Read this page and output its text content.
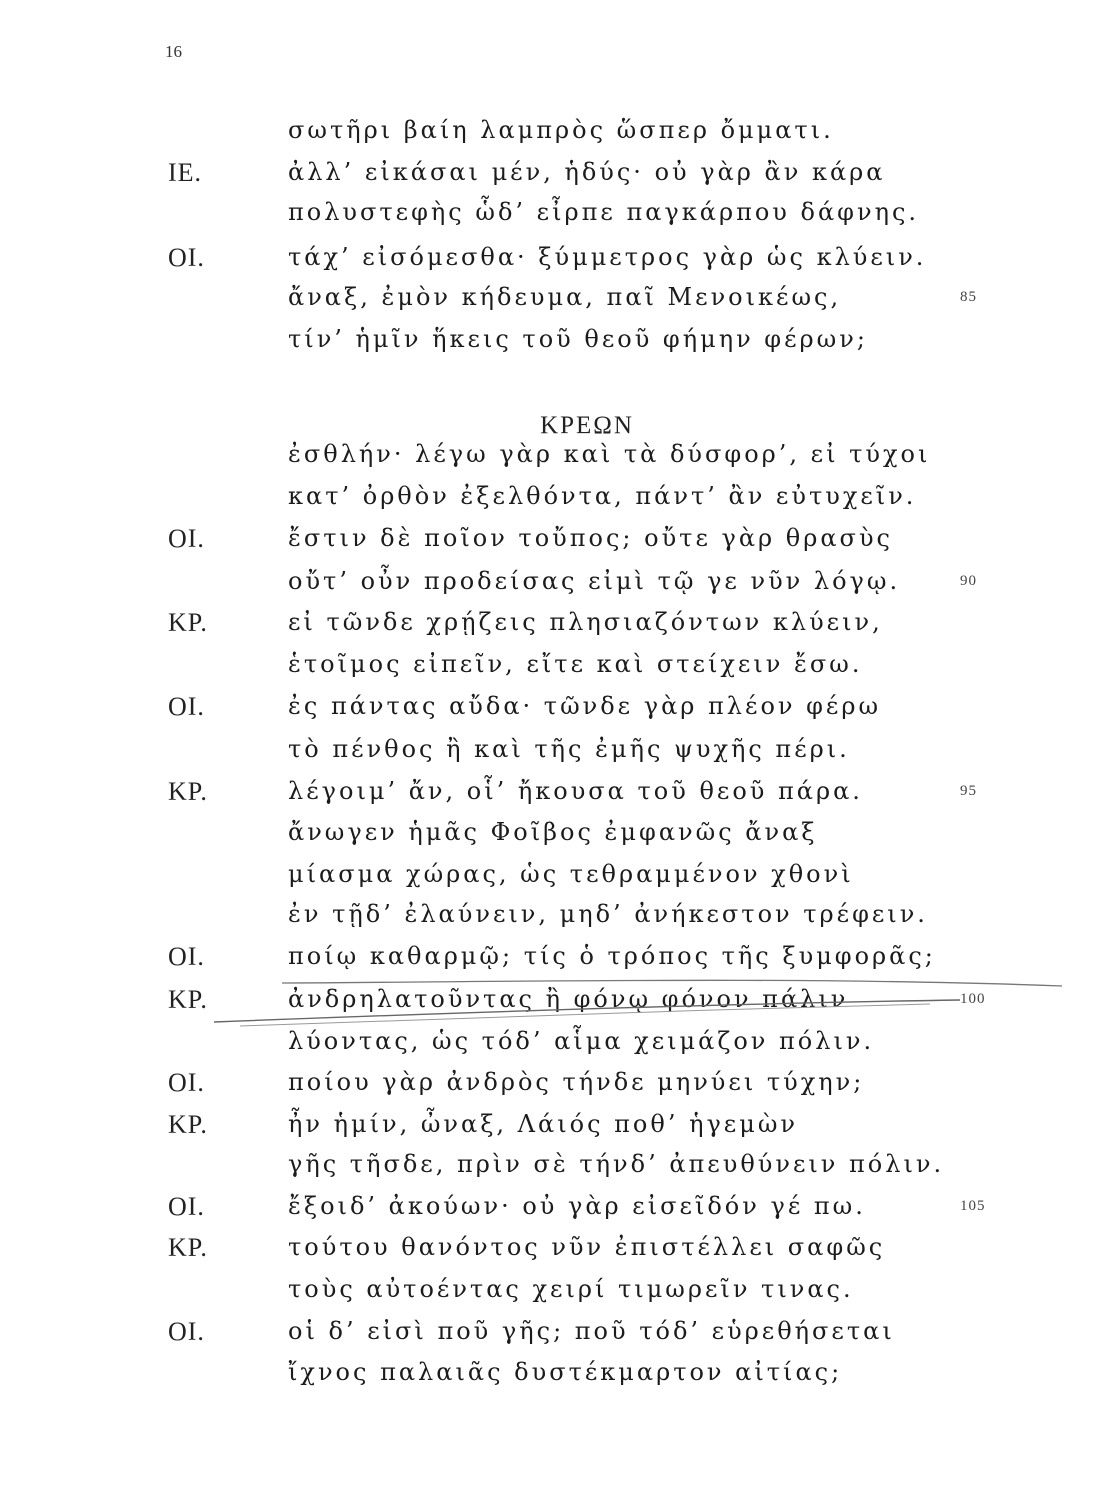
16
ΚΡΕΩΝ
σωτῆρι βαίη λαμπρὸς ὥσπερ ὄμματι.
ΙΕ.	ἀλλ’ εἰκάσαι μέν, ἡδύς· οὐ γὰρ ἂν κάρα
πολυστεφὴς ὧδ’ εἶρπε παγκάρπου δάφνης.
ΟΙ.	τάχ’ εἰσόμεσθα· ξύμμετρος γὰρ ὡς κλύειν.
ἄναξ, ἐμὸν κήδευμα, παῖ Μενοικέως,	85
τίν’ ἡμῖν ἥκεις τοῦ θεοῦ φήμην φέρων;
ἐσθλήν· λέγω γὰρ καὶ τὰ δύσφορ’, εἰ τύχοι
κατ’ ὀρθὸν ἐξελθόντα, πάντ’ ἂν εὐτυχεῖν.
ΟΙ.	ἔστιν δὲ ποῖον τοὔπος; οὔτε γὰρ θρασὺς
οὔτ’ οὖν προδείσας εἰμὶ τῷ γε νῦν λόγῳ.	90
ΚΡ.	εἰ τῶνδε χρῄζεις πλησιαζόντων κλύειν,
ἑτοῖμος εἰπεῖν, εἴτε καὶ στείχειν ἔσω.
ΟΙ.	ἐς πάντας αὔδα· τῶνδε γὰρ πλέον φέρω
τὸ πένθος ἢ καὶ τῆς ἐμῆς ψυχῆς πέρι.
ΚΡ.	λέγοιμ’ ἄν, οἷ’ ἤκουσα τοῦ θεοῦ πάρα.	95
ἄνωγεν ἡμᾶς Φοῖβος ἐμφανῶς ἄναξ
μίασμα χώρας, ὡς τεθραμμένον χθονὶ
ἐν τῇδ’ ἐλαύνειν, μηδ’ ἀνήκεστον τρέφειν.
ΟΙ.	ποίῳ καθαρμῷ; τίς ὁ τρόπος τῆς ξυμφορᾶς;
ΚΡ.	ἀνδρηλατοῦντας ἢ φόνῳ φόνον πάλιν	100
λύοντας, ὡς τόδ’ αἷμα χειμάζον πόλιν.
ΟΙ.	ποίου γὰρ ἀνδρὸς τήνδε μηνύει τύχην;
ΚΡ.	ἦν ἡμίν, ὦναξ, Λάιός ποθ’ ἡγεμὼν
γῆς τῆσδε, πρὶν σὲ τήνδ’ ἀπευθύνειν πόλιν.
ΟΙ.	ἔξοιδ’ ἀκούων· οὐ γὰρ εἰσεῖδόν γέ πω.	105
ΚΡ.	τούτου θανόντος νῦν ἐπιστέλλει σαφῶς
τοὺς αὐτοέντας χειρί τιμωρεῖν τινας.
ΟΙ.	οἱ δ’ εἰσὶ ποῦ γῆς; ποῦ τόδ’ εὑρεθήσεται
ἴχνος παλαιᾶς δυστέκμαρτον αἰτίας;
